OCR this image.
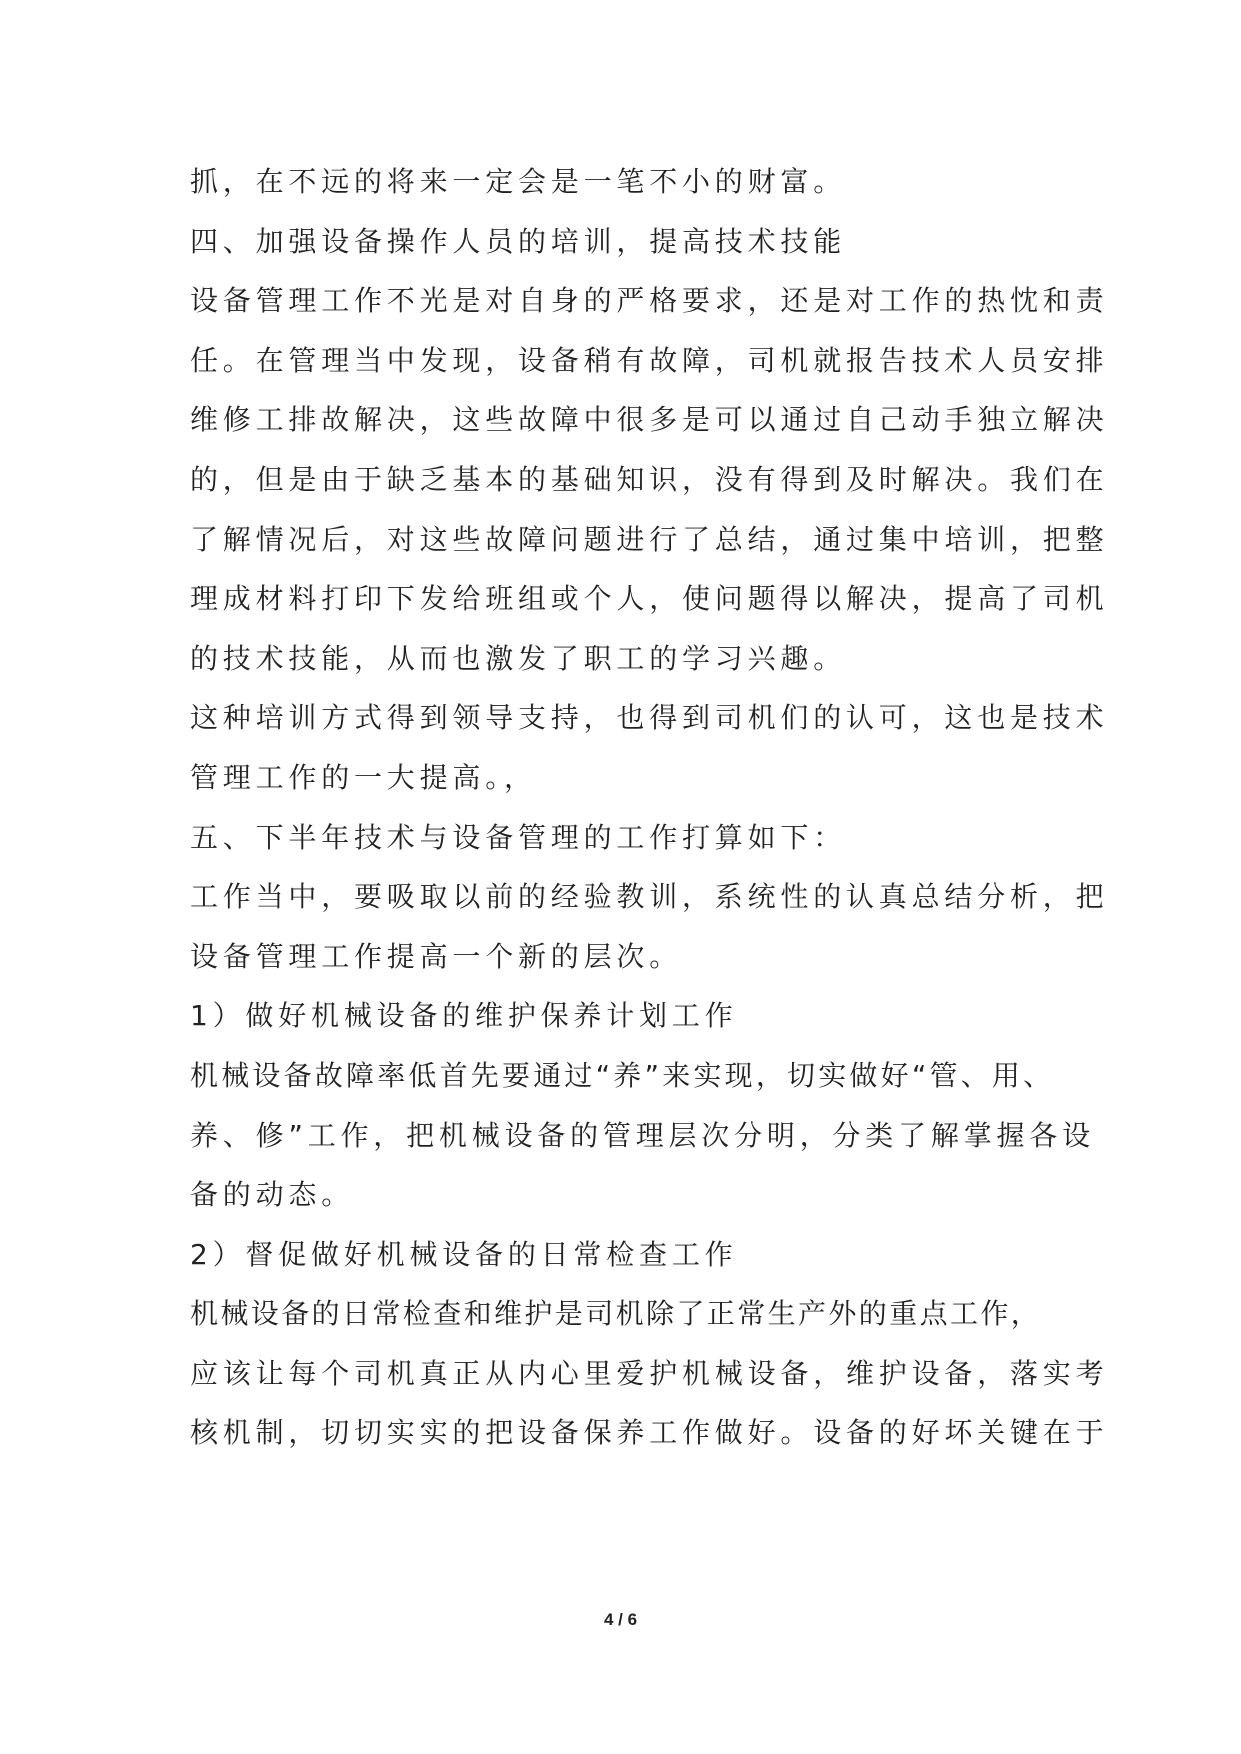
抓，在不远的将来一定会是一笔不小的财富。
四、加强设备操作人员的培训，提高技术技能
设备管理工作不光是对自身的严格要求，还是对工作的热忱和责
任。在管理当中发现，设备稍有故障，司机就报告技术人员安排
维修工排故解决，这些故障中很多是可以通过自己动手独立解决
的，但是由于缺乏基本的基础知识，没有得到及时解决。我们在
了解情况后，对这些故障问题进行了总结，通过集中培训，把整
理成材料打印下发给班组或个人，使问题得以解决，提高了司机
的技术技能，从而也激发了职工的学习兴趣。
这种培训方式得到领导支持，也得到司机们的认可，这也是技术
管理工作的一大提高。，
五、下半年技术与设备管理的工作打算如下：
工作当中，要吸取以前的经验教训，系统性的认真总结分析，把
设备管理工作提高一个新的层次。
1）做好机械设备的维护保养计划工作
机械设备故障率低首先要通过“养”来实现，切实做好“管、用、
养、修”工作，把机械设备的管理层次分明，分类了解掌握各设
备的动态。
2）督促做好机械设备的日常检查工作
机械设备的日常检查和维护是司机除了正常生产外的重点工作，
应该让每个司机真正从内心里爱护机械设备，维护设备，落实考
核机制，切切实实的把设备保养工作做好。设备的好坏关键在于
4 / 6
